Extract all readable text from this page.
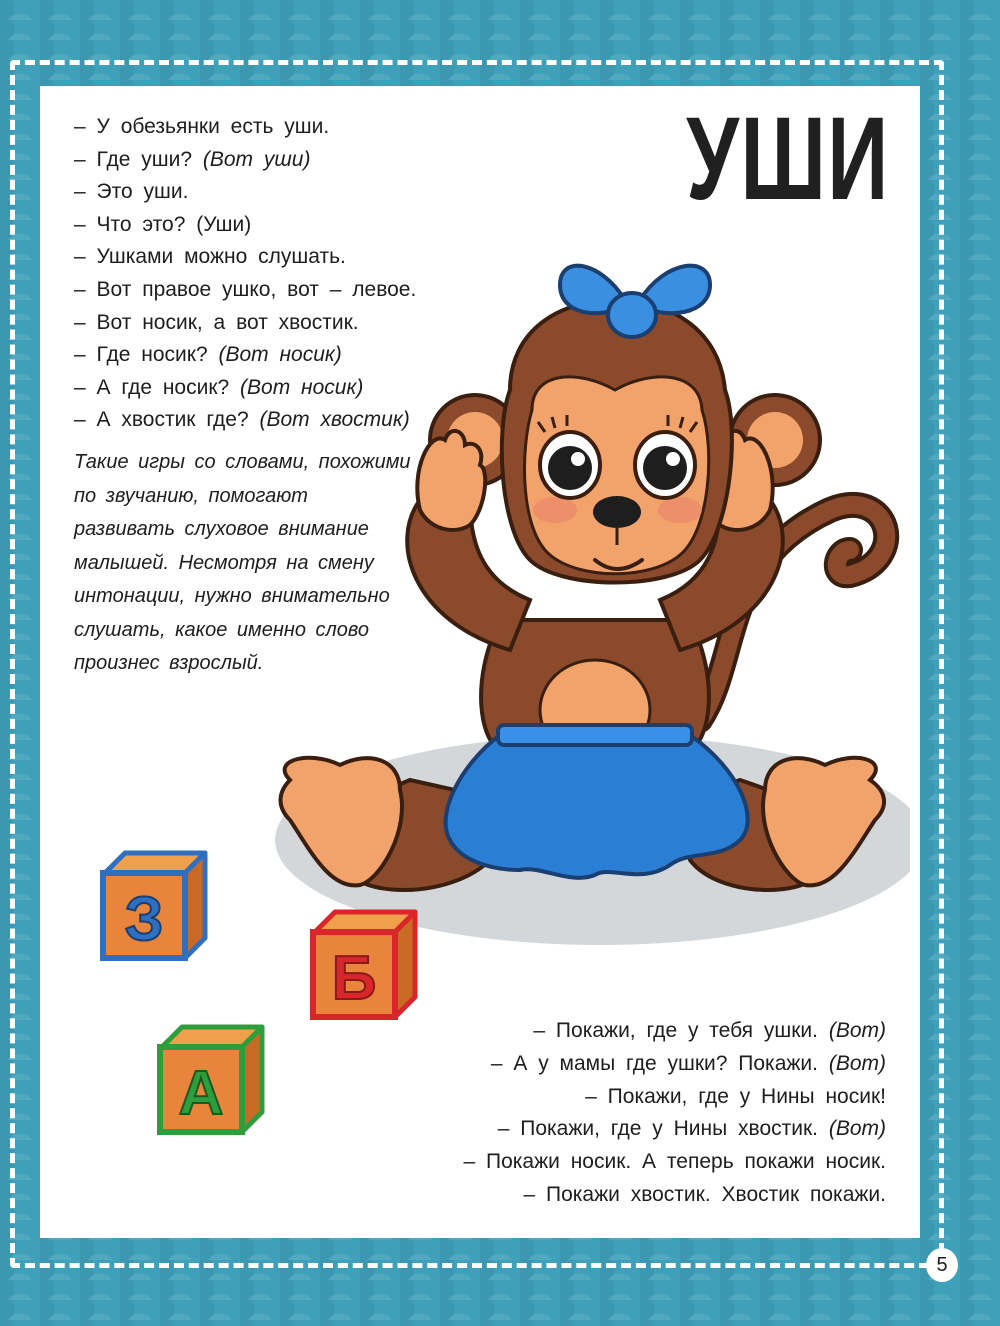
УШИ
– У обезьянки есть уши.
– Где уши? (Вот уши)
– Это уши.
– Что это? (Уши)
– Ушками можно слушать.
– Вот правое ушко, вот – левое.
– Вот носик, а вот хвостик.
– Где носик? (Вот носик)
– А где носик? (Вот носик)
– А хвостик где? (Вот хвостик)
Такие игры со словами, похожими по звучанию, помогают развивать слуховое внимание малышей. Несмотря на смену интонации, нужно внимательно слушать, какое именно слово произнес взрослый.
З
Б
А
– Покажи, где у тебя ушки. (Вот)
– А у мамы где ушки? Покажи. (Вот)
– Покажи, где у Нины носик!
– Покажи, где у Нины хвостик. (Вот)
– Покажи носик. А теперь покажи носик.
– Покажи хвостик. Хвостик покажи.
5
